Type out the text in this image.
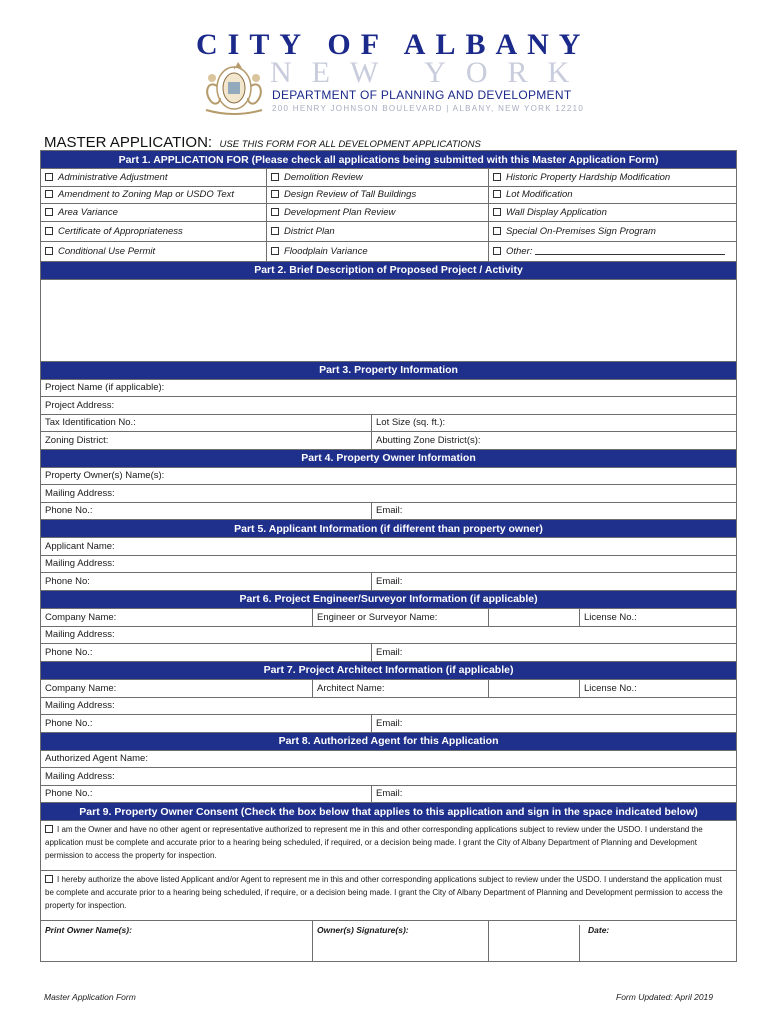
CITY OF ALBANY
NEW YORK
DEPARTMENT OF PLANNING AND DEVELOPMENT
200 HENRY JOHNSON BOULEVARD | ALBANY, NEW YORK 12210
MASTER APPLICATION: USE THIS FORM FOR ALL DEVELOPMENT APPLICATIONS
Part 1. APPLICATION FOR (Please check all applications being submitted with this Master Application Form)				
Administrative Adjustment	Demolition Review			Historic Property Hardship Modification
Amendment to Zoning Map or USDO Text	Design Review of Tall Buildings			Lot Modification
Area Variance	Development Plan Review			Wall Display Application
Certificate of Appropriateness	District Plan			Special On-Premises Sign Program
Conditional Use Permit	Floodplain Variance			Other:
Part 2. Brief Description of Proposed Project / Activity				

Part 3. Property Information				
Project Name (if applicable):				
Project Address:				
Tax Identification No.:			Lot Size (sq. ft.):	
Zoning District:			Abutting Zone District(s):	
Part 4. Property Owner Information				
Property Owner(s) Name(s):				
Mailing Address:				
Phone No.:			Email:	
Part 5. Applicant Information (if different than property owner)				
Applicant Name:				
Mailing Address:				
Phone No:			Email:	
Part 6. Project Engineer/Surveyor Information (if applicable)				
Company Name:		Engineer or Surveyor Name:		License No.:
Mailing Address:				
Phone No.:			Email:	
Part 7. Project Architect Information (if applicable)				
Company Name:		Architect Name:		License No.:
Mailing Address:				
Phone No.:			Email:	
Part 8. Authorized Agent for this Application				
Authorized Agent Name:				
Mailing Address:				
Phone No.:			Email:	
Part 9. Property Owner Consent (Check the box below that applies to this application and sign in the space indicated below)				
I am the Owner and have no other agent or representative authorized to represent me in this and other corresponding applications subject to review under the USDO. I understand the application must be complete and accurate prior to a hearing being scheduled, if required, or a decision being made. I grant the City of Albany Department of Planning and Development permission to access the property for inspection.				
I hereby authorize the above listed Applicant and/or Agent to represent me in this and other corresponding applications subject to review under the USDO. I understand the application must be complete and accurate prior to a hearing being scheduled, if require, or a decision being made. I grant the City of Albany Department of Planning and Development permission to access the property for inspection.				
Print Owner Name(s):		Owner(s) Signature(s):		Date:
Master Application Form	Form Updated: April 2019
